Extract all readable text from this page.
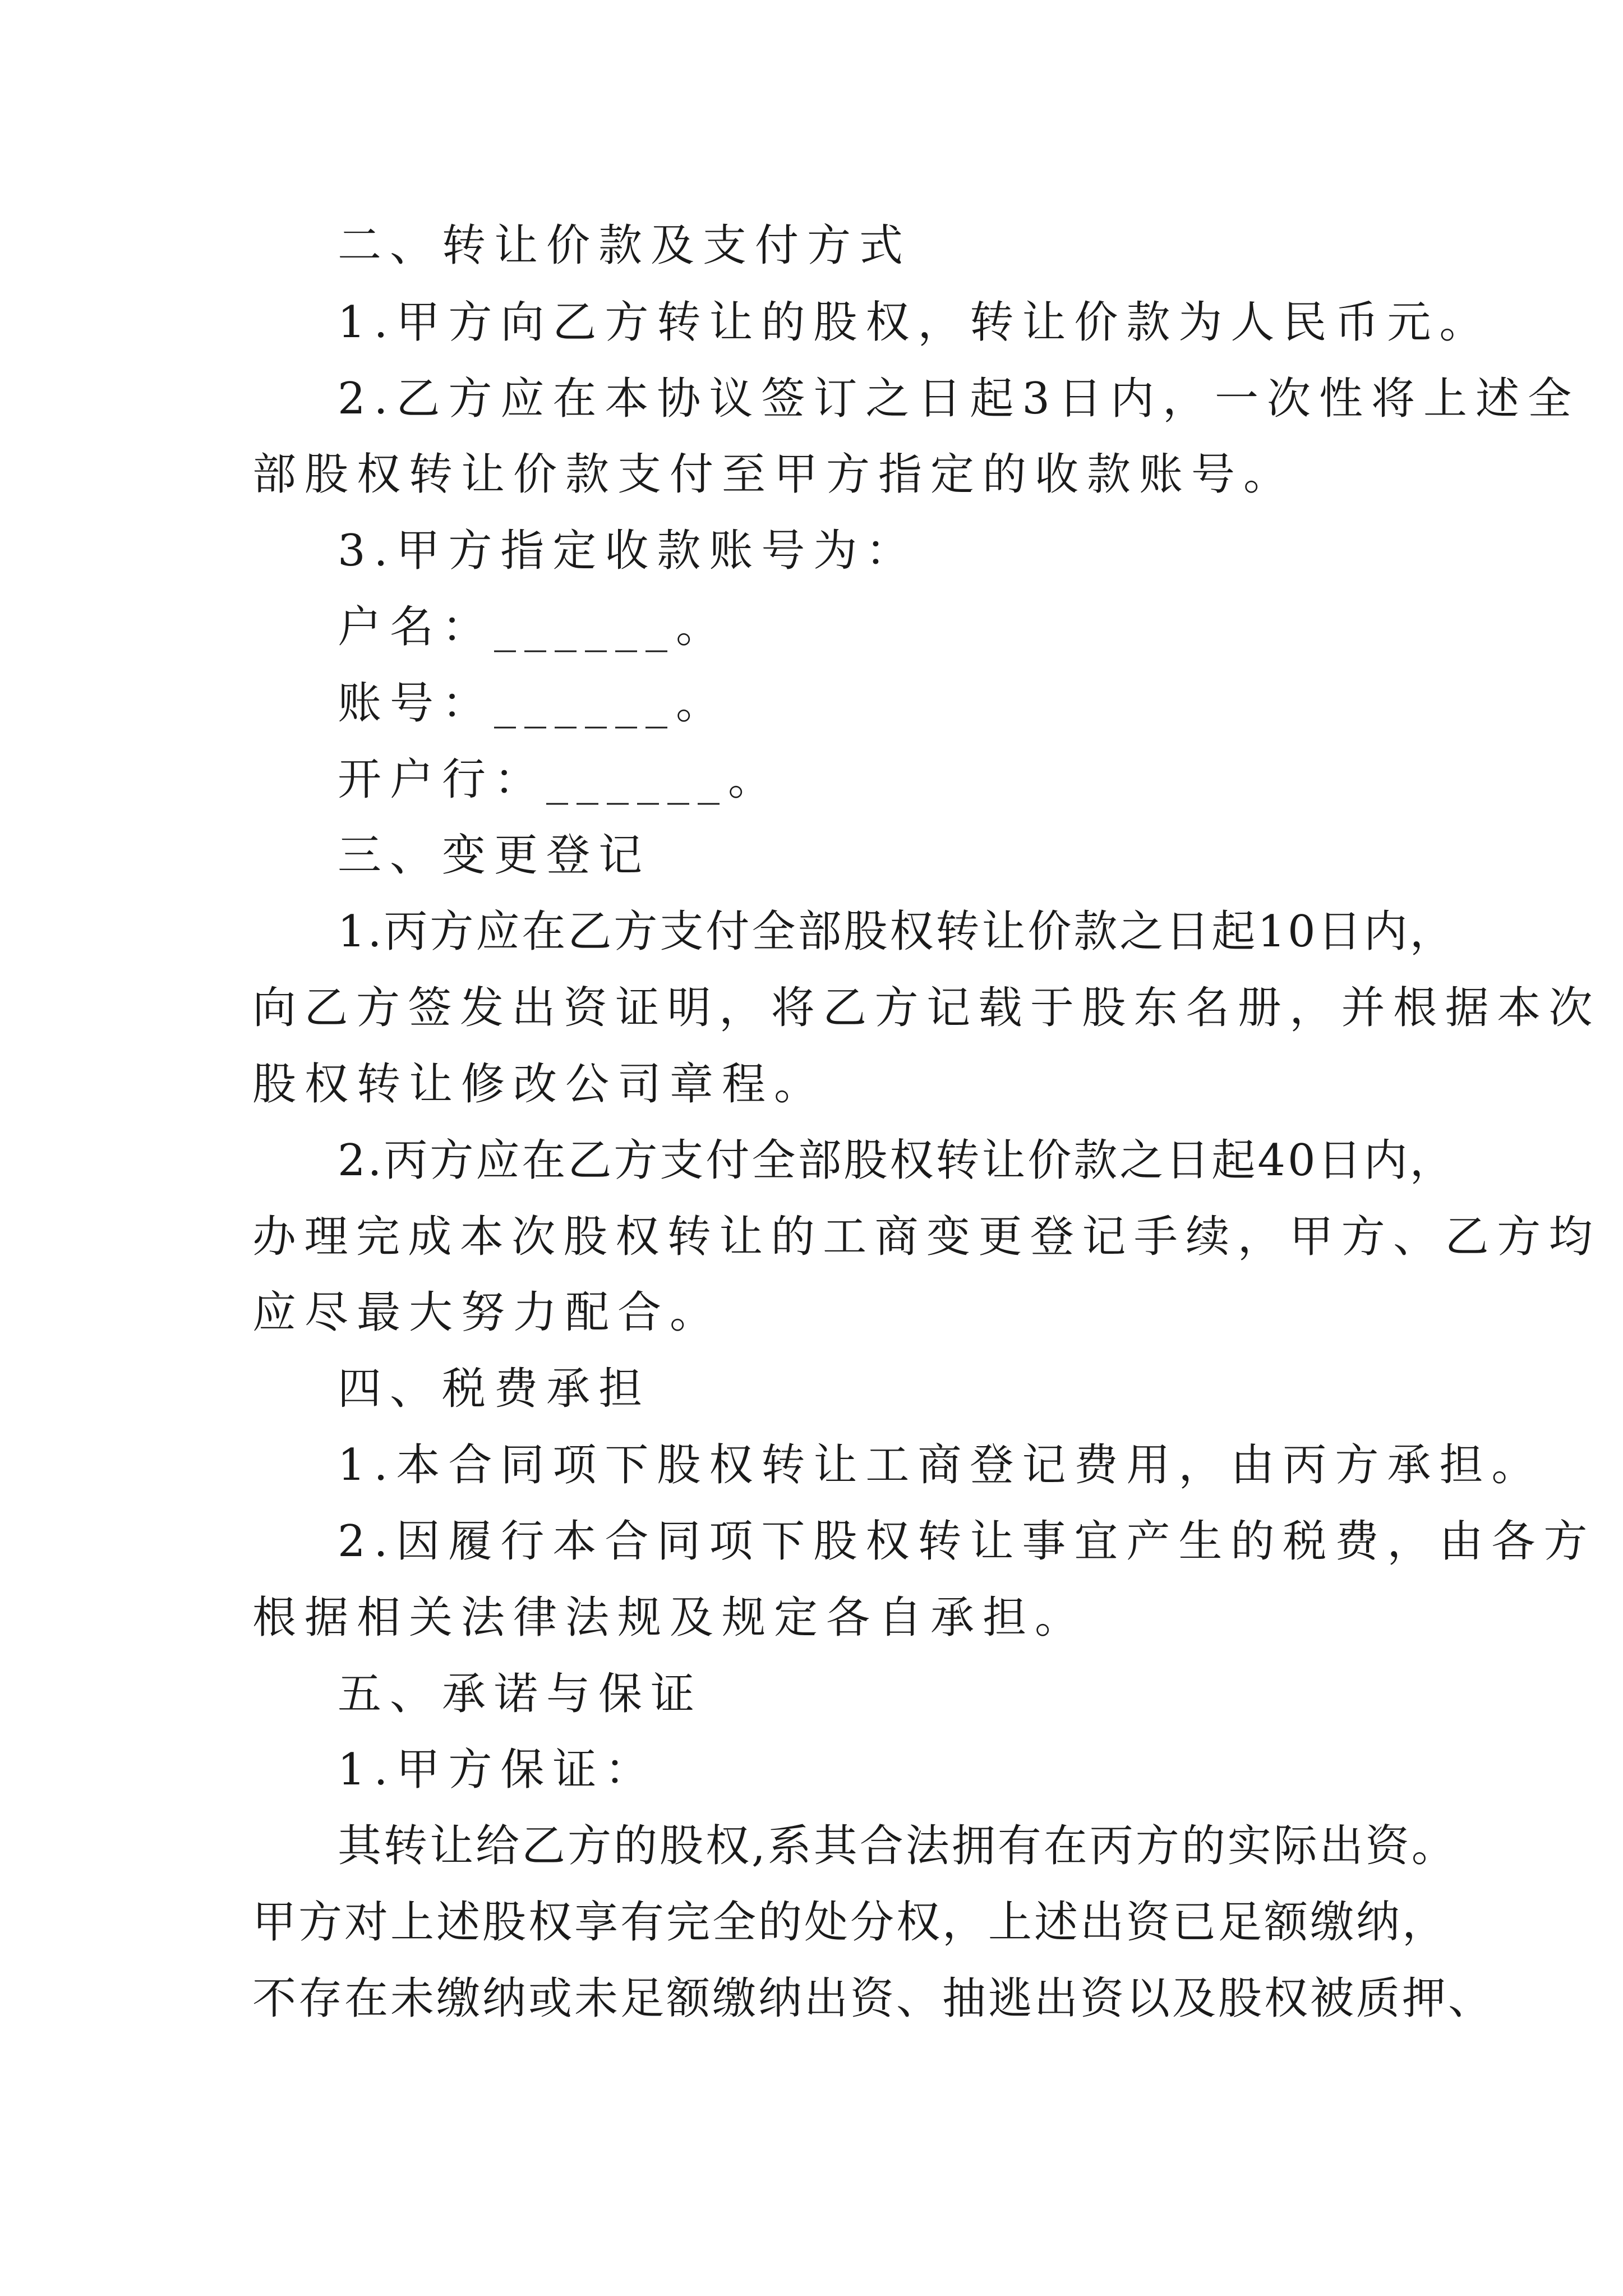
二、转让价款及支付方式
1.甲方向乙方转让的股权，转让价款为人民币元。
2.乙方应在本协议签订之日起3日内，一次性将上述全
部股权转让价款支付至甲方指定的收款账号。
3.甲方指定收款账号为：
户名：______。
账号：______。
开户行：______。
三、变更登记
1.丙方应在乙方支付全部股权转让价款之日起10日内，
向乙方签发出资证明，将乙方记载于股东名册，并根据本次
股权转让修改公司章程。
2.丙方应在乙方支付全部股权转让价款之日起40日内，
办理完成本次股权转让的工商变更登记手续，甲方、乙方均
应尽最大努力配合。
四、税费承担
1.本合同项下股权转让工商登记费用，由丙方承担。
2.因履行本合同项下股权转让事宜产生的税费，由各方
根据相关法律法规及规定各自承担。
五、承诺与保证
1.甲方保证：
其转让给乙方的股权,系其合法拥有在丙方的实际出资。
甲方对上述股权享有完全的处分权，上述出资已足额缴纳，
不存在未缴纳或未足额缴纳出资、抽逃出资以及股权被质押、
